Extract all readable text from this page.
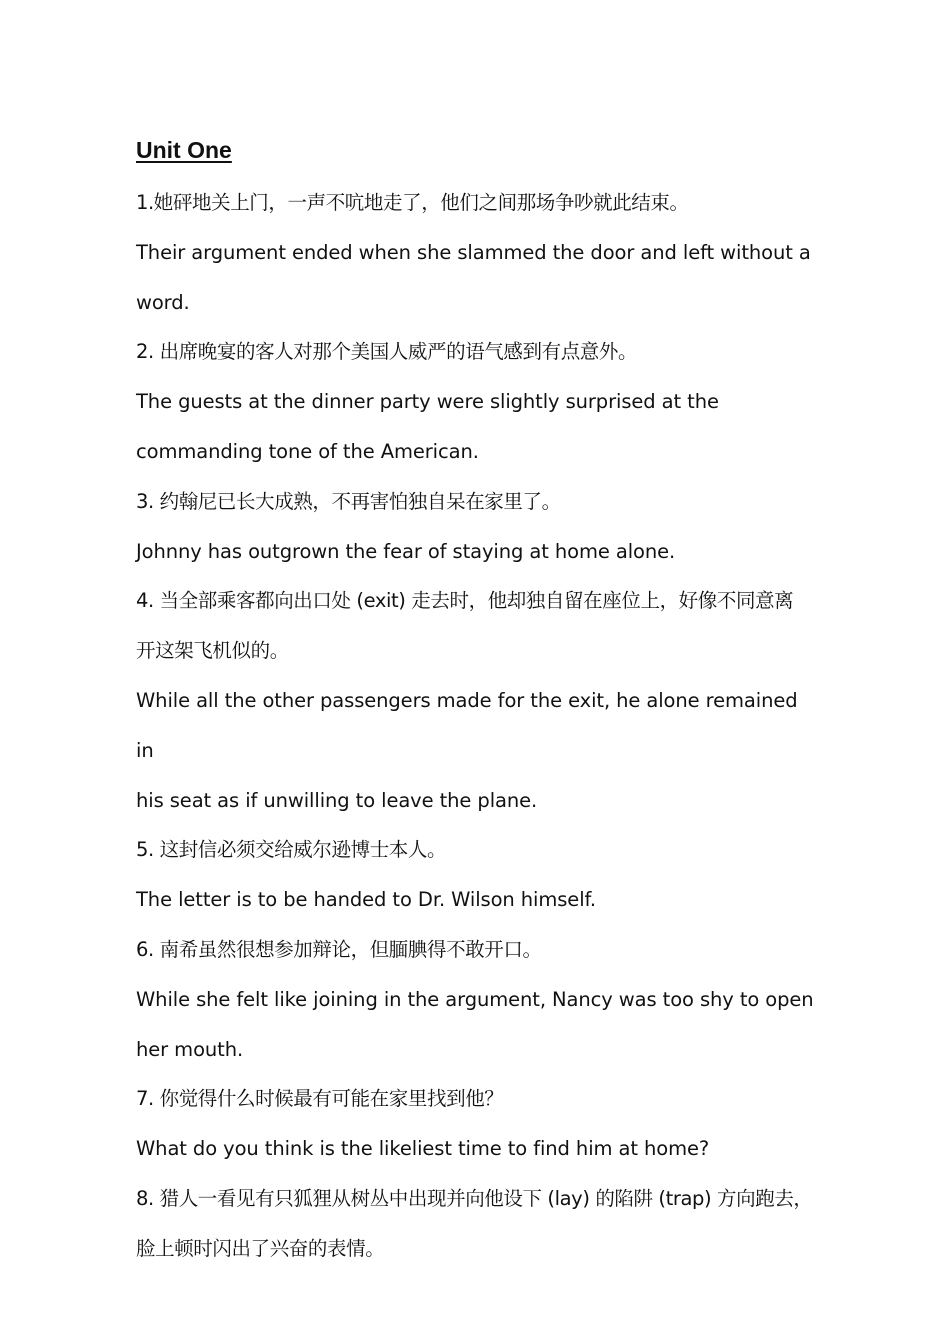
Unit One

1.她砰地关上门，一声不吭地走了，他们之间那场争吵就此结束。

Their argument ended when she slammed the door and left without a

word.

2. 出席晚宴的客人对那个美国人威严的语气感到有点意外。

The guests at the dinner party were slightly surprised at the

commanding tone of the American.

3. 约翰尼已长大成熟，不再害怕独自呆在家里了。

Johnny has outgrown the fear of staying at home alone.

4. 当全部乘客都向出口处 (exit) 走去时，他却独自留在座位上，好像不同意离

开这架飞机似的。

While all the other passengers made for the exit, he alone remained in

his seat as if unwilling to leave the plane.

5. 这封信必须交给威尔逊博士本人。

The letter is to be handed to Dr. Wilson himself.

6. 南希虽然很想参加辩论，但腼腆得不敢开口。

While she felt like joining in the argument, Nancy was too shy to open

her mouth.

7. 你觉得什么时候最有可能在家里找到他？

What do you think is the likeliest time to find him at home?

8. 猎人一看见有只狐狸从树丛中出现并向他设下 (lay) 的陷阱 (trap) 方向跑去，

脸上顿时闪出了兴奋的表情。
